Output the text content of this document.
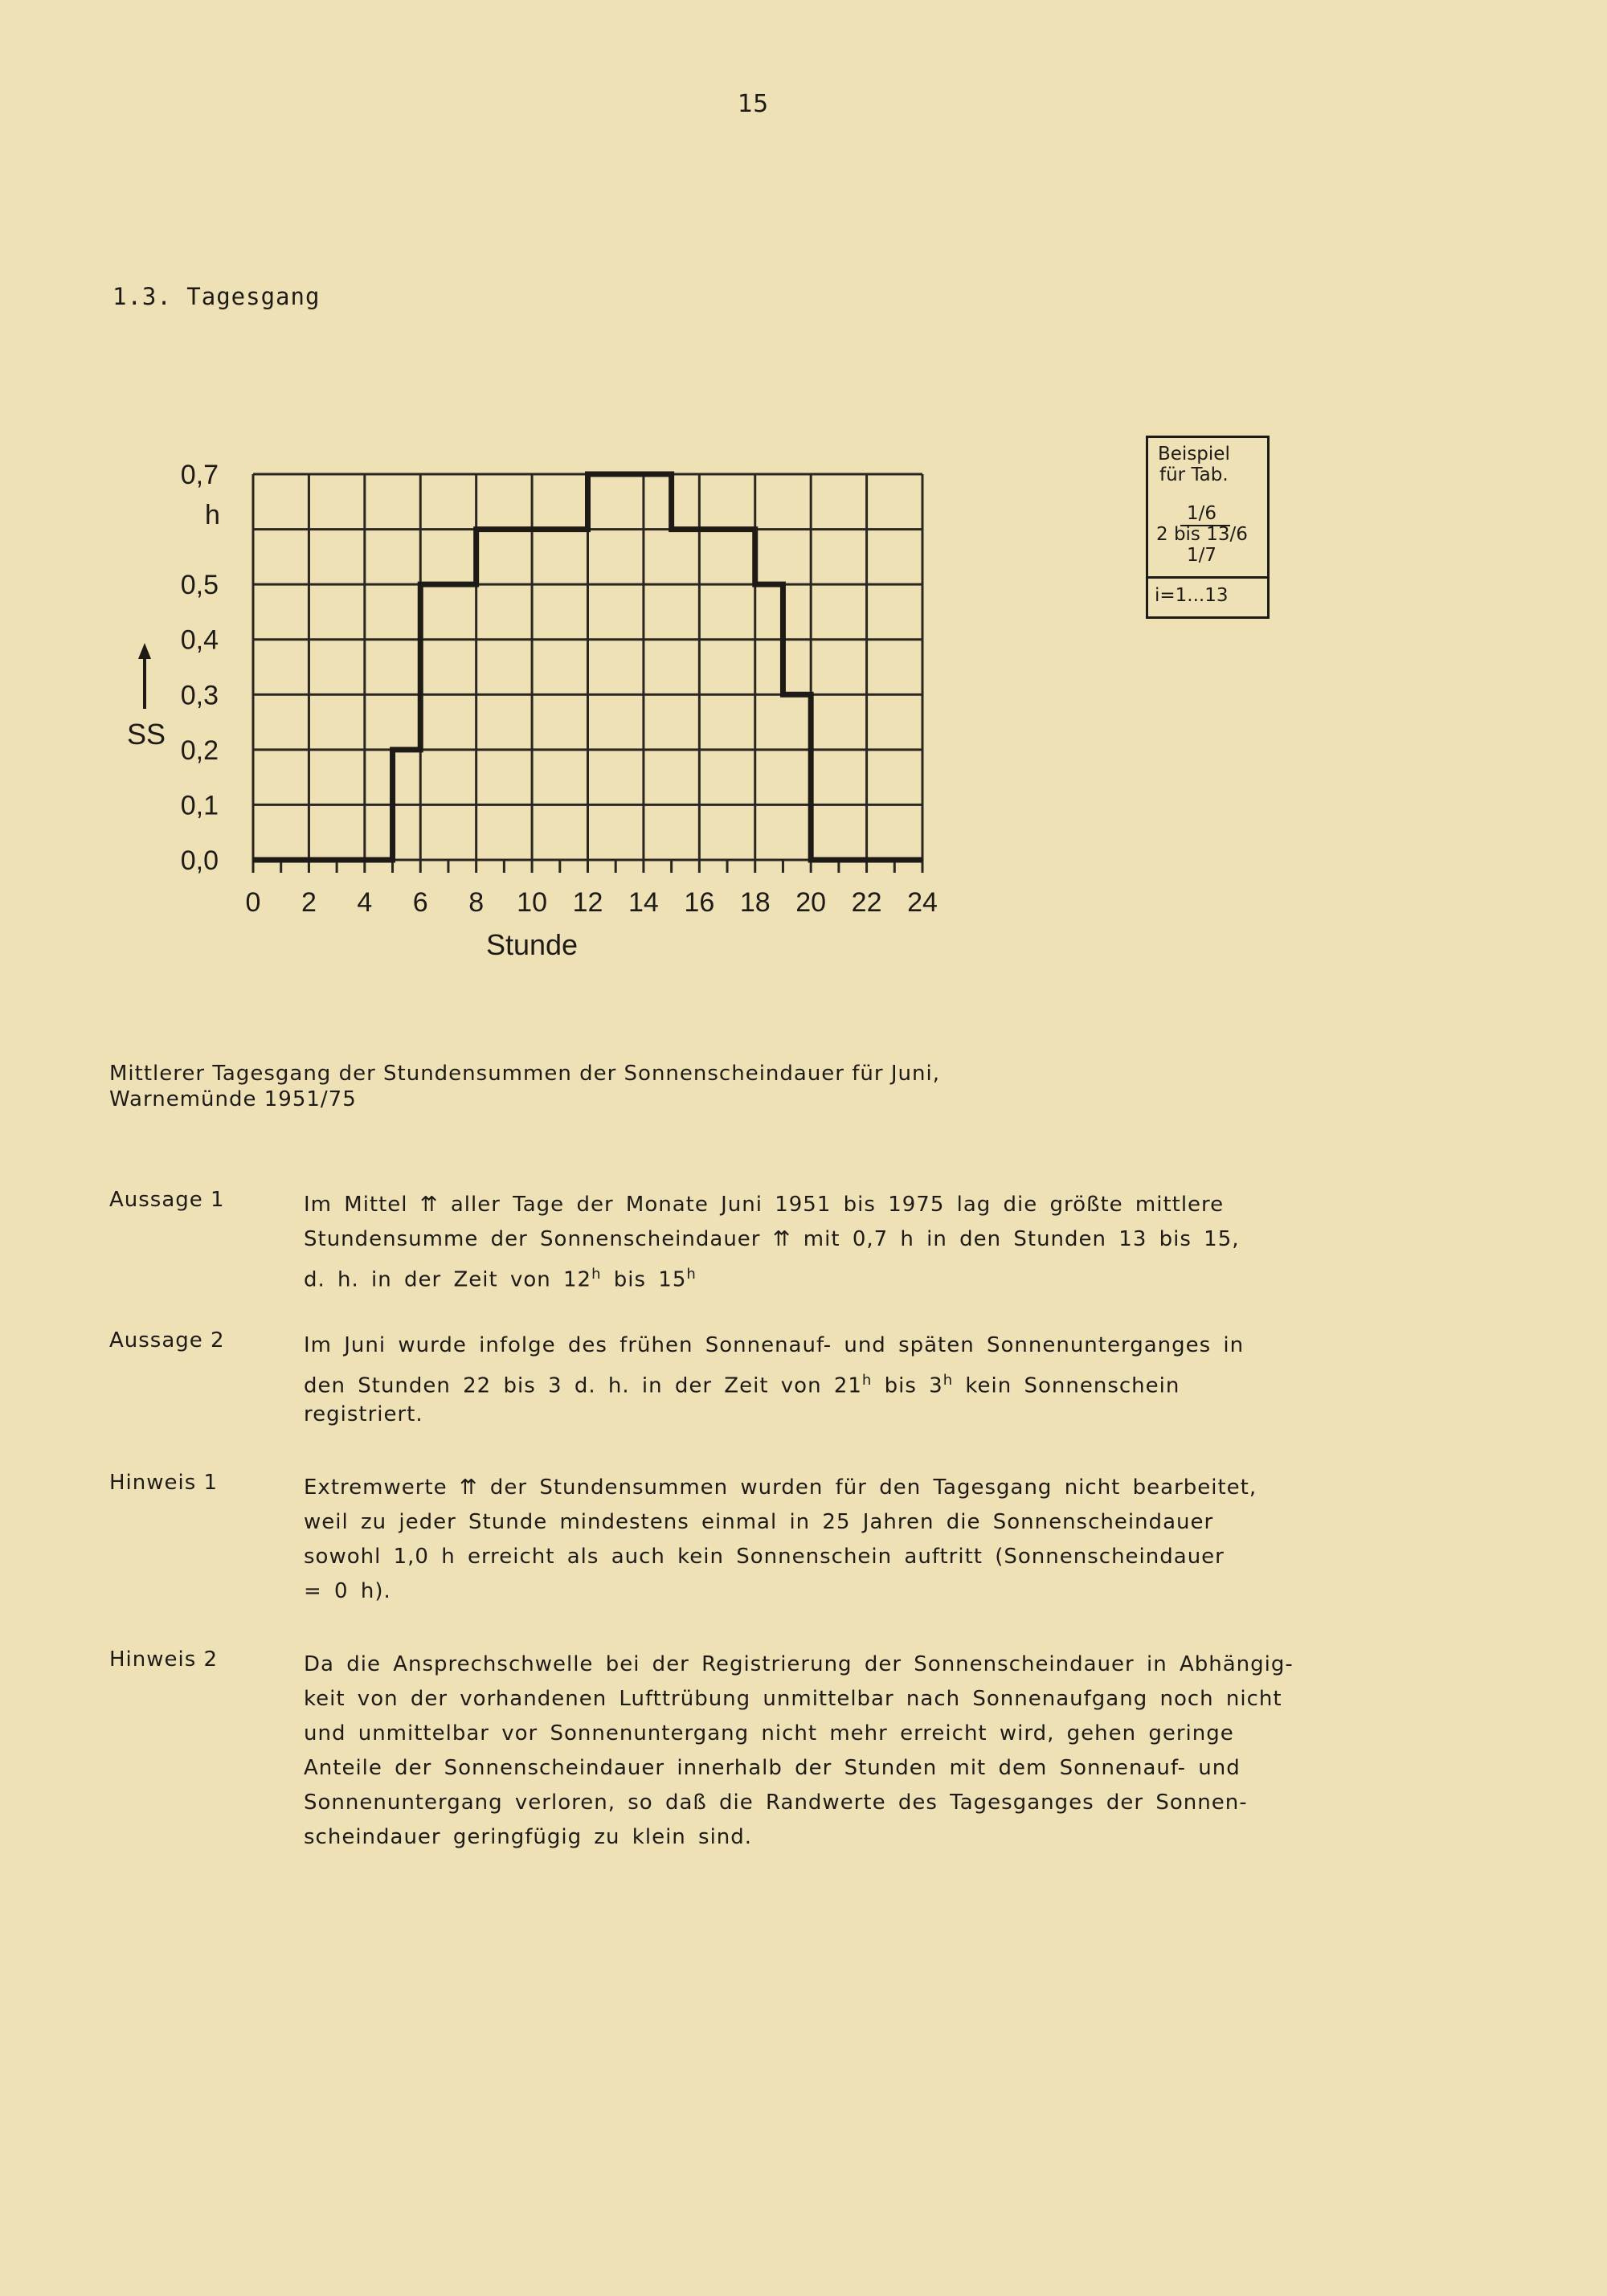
15
1.3. Tagesgang
0,0
0,1
0,2
0,3
0,4
0,5
0,7
0 2 4 6 8 10 12 14 16 18 20 22 24
h
SS
Stunde
Beispiel
für Tab.
1/6
2 bis 13/6
1/7
i=1...13
Mittlerer Tagesgang der Stundensummen der Sonnenscheindauer für Juni,
Warnemünde 1951/75
Aussage 1	Im Mittel ⇈ aller Tage der Monate Juni 1951 bis 1975 lag die größte mittlere
Stundensumme der Sonnenscheindauer ⇈ mit 0,7 h in den Stunden 13 bis 15,
d. h. in der Zeit von 12$^h$ bis 15$^h$
Aussage 2	Im Juni wurde infolge des frühen Sonnenauf- und späten Sonnenunterganges in
den Stunden 22 bis 3 d. h. in der Zeit von 21$^h$ bis 3$^h$ kein Sonnenschein
registriert.
Hinweis 1	Extremwerte ⇈ der Stundensummen wurden für den Tagesgang nicht bearbeitet,
weil zu jeder Stunde mindestens einmal in 25 Jahren die Sonnenscheindauer
sowohl 1,0 h erreicht als auch kein Sonnenschein auftritt (Sonnenscheindauer
= 0 h).
Hinweis 2	Da die Ansprechschwelle bei der Registrierung der Sonnenscheindauer in Abhängig-
keit von der vorhandenen Lufttrübung unmittelbar nach Sonnenaufgang noch nicht
und unmittelbar vor Sonnenuntergang nicht mehr erreicht wird, gehen geringe
Anteile der Sonnenscheindauer innerhalb der Stunden mit dem Sonnenauf- und
Sonnenuntergang verloren, so daß die Randwerte des Tagesganges der Sonnen-
scheindauer geringfügig zu klein sind.
